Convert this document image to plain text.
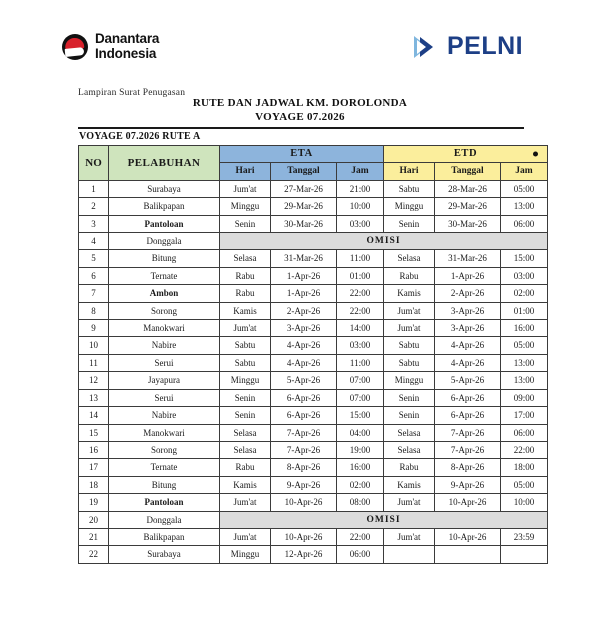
Danantara
Indonesia	PELNI
Lampiran Surat Penugasan
RUTE DAN JADWAL KM. DOROLONDA
VOYAGE 07.2026
VOYAGE 07.2026 RUTE A
NO	PELABUHAN	ETA			ETD		

		Hari	Tanggal	Jam	Hari	Tanggal	Jam
1	Surabaya	Jum'at	27-Mar-26	21:00	Sabtu	28-Mar-26	05:00
2	Balikpapan	Minggu	29-Mar-26	10:00	Minggu	29-Mar-26	13:00
3	Pantoloan	Senin	30-Mar-26	03:00	Senin	30-Mar-26	06:00
4	Donggala	OMISI					
5	Bitung	Selasa	31-Mar-26	11:00	Selasa	31-Mar-26	15:00
6	Ternate	Rabu	1-Apr-26	01:00	Rabu	1-Apr-26	03:00
7	Ambon	Rabu	1-Apr-26	22:00	Kamis	2-Apr-26	02:00
8	Sorong	Kamis	2-Apr-26	22:00	Jum'at	3-Apr-26	01:00
9	Manokwari	Jum'at	3-Apr-26	14:00	Jum'at	3-Apr-26	16:00
10	Nabire	Sabtu	4-Apr-26	03:00	Sabtu	4-Apr-26	05:00
11	Serui	Sabtu	4-Apr-26	11:00	Sabtu	4-Apr-26	13:00
12	Jayapura	Minggu	5-Apr-26	07:00	Minggu	5-Apr-26	13:00
13	Serui	Senin	6-Apr-26	07:00	Senin	6-Apr-26	09:00
14	Nabire	Senin	6-Apr-26	15:00	Senin	6-Apr-26	17:00
15	Manokwari	Selasa	7-Apr-26	04:00	Selasa	7-Apr-26	06:00
16	Sorong	Selasa	7-Apr-26	19:00	Selasa	7-Apr-26	22:00
17	Ternate	Rabu	8-Apr-26	16:00	Rabu	8-Apr-26	18:00
18	Bitung	Kamis	9-Apr-26	02:00	Kamis	9-Apr-26	05:00
19	Pantoloan	Jum'at	10-Apr-26	08:00	Jum'at	10-Apr-26	10:00
20	Donggala	OMISI					
21	Balikpapan	Jum'at	10-Apr-26	22:00	Jum'at	10-Apr-26	23:59
22	Surabaya	Minggu	12-Apr-26	06:00			
